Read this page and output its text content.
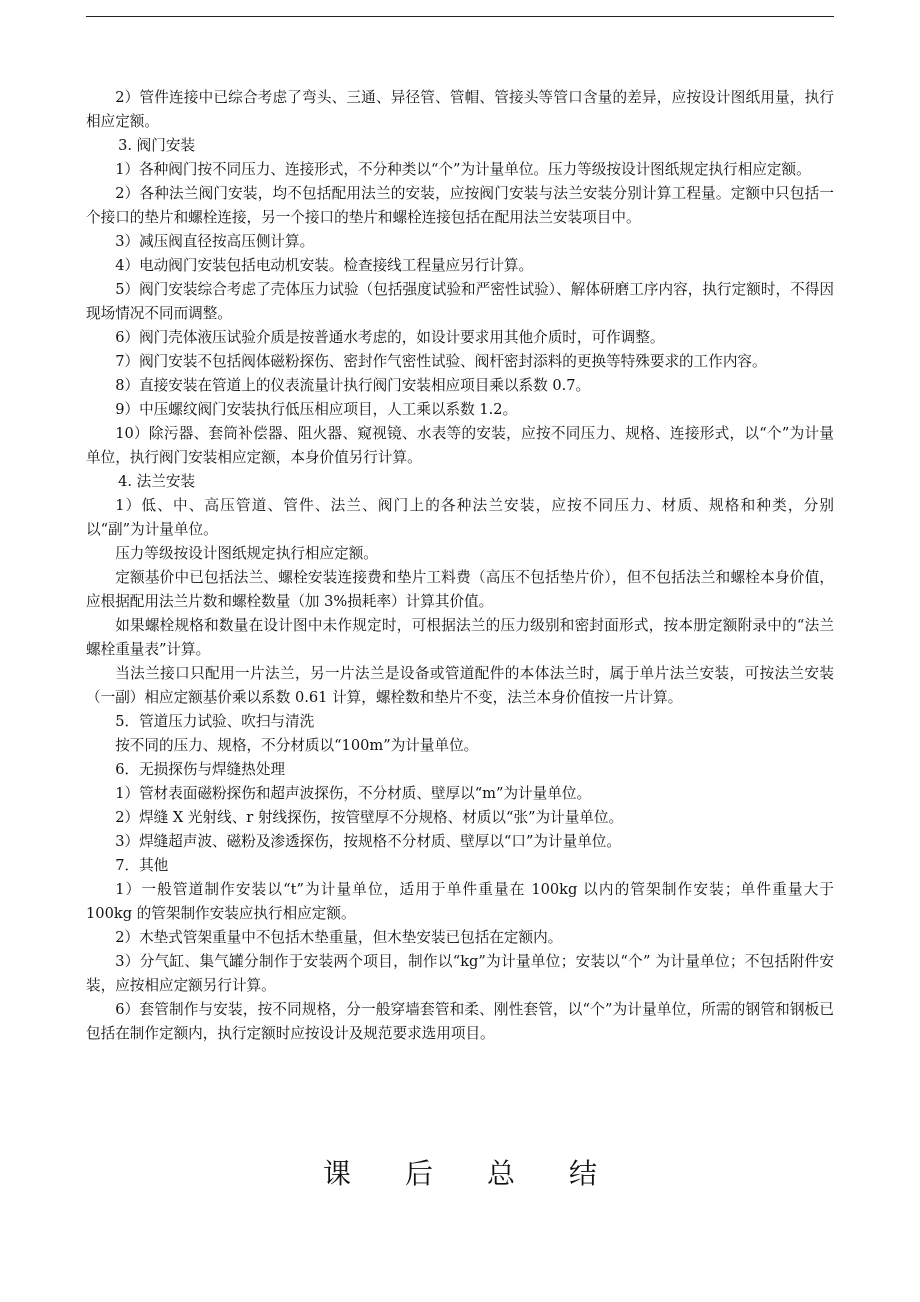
2）管件连接中已综合考虑了弯头、三通、异径管、管帽、管接头等管口含量的差异，应按设计图纸用量，执行相应定额。

3. 阀门安装

1）各种阀门按不同压力、连接形式，不分种类以“个”为计量单位。压力等级按设计图纸规定执行相应定额。

2）各种法兰阀门安装，均不包括配用法兰的安装，应按阀门安装与法兰安装分别计算工程量。定额中只包括一个接口的垫片和螺栓连接，另一个接口的垫片和螺栓连接包括在配用法兰安装项目中。

3）减压阀直径按高压侧计算。

4）电动阀门安装包括电动机安装。检查接线工程量应另行计算。

5）阀门安装综合考虑了壳体压力试验（包括强度试验和严密性试验）、解体研磨工序内容，执行定额时，不得因现场情况不同而调整。

6）阀门壳体液压试验介质是按普通水考虑的，如设计要求用其他介质时，可作调整。

7）阀门安装不包括阀体磁粉探伤、密封作气密性试验、阀杆密封添料的更换等特殊要求的工作内容。

8）直接安装在管道上的仪表流量计执行阀门安装相应项目乘以系数 0.7。

9）中压螺纹阀门安装执行低压相应项目，人工乘以系数 1.2。

10）除污器、套筒补偿器、阻火器、窥视镜、水表等的安装，应按不同压力、规格、连接形式，以“个”为计量单位，执行阀门安装相应定额，本身价值另行计算。

4. 法兰安装

1）低、中、高压管道、管件、法兰、阀门上的各种法兰安装，应按不同压力、材质、规格和种类，分别以“副”为计量单位。

压力等级按设计图纸规定执行相应定额。

定额基价中已包括法兰、螺栓安装连接费和垫片工料费（高压不包括垫片价），但不包括法兰和螺栓本身价值，应根据配用法兰片数和螺栓数量（加 3%损耗率）计算其价值。

如果螺栓规格和数量在设计图中未作规定时，可根据法兰的压力级别和密封面形式，按本册定额附录中的“法兰螺栓重量表”计算。

当法兰接口只配用一片法兰，另一片法兰是设备或管道配件的本体法兰时，属于单片法兰安装，可按法兰安装（一副）相应定额基价乘以系数 0.61 计算，螺栓数和垫片不变，法兰本身价值按一片计算。

5．管道压力试验、吹扫与清洗

按不同的压力、规格，不分材质以“100m”为计量单位。

6．无损探伤与焊缝热处理

1）管材表面磁粉探伤和超声波探伤，不分材质、壁厚以“m”为计量单位。

2）焊缝 X 光射线、r 射线探伤，按管壁厚不分规格、材质以“张”为计量单位。

3）焊缝超声波、磁粉及渗透探伤，按规格不分材质、壁厚以“口”为计量单位。

7．其他

1）一般管道制作安装以“t”为计量单位，适用于单件重量在 100kg 以内的管架制作安装；单件重量大于 100kg 的管架制作安装应执行相应定额。

2）木垫式管架重量中不包括木垫重量，但木垫安装已包括在定额内。

3）分气缸、集气罐分制作于安装两个项目，制作以“kg”为计量单位；安装以“个” 为计量单位；不包括附件安装，应按相应定额另行计算。

6）套管制作与安装，按不同规格，分一般穿墙套管和柔、刚性套管，以“个”为计量单位，所需的钢管和钢板已包括在制作定额内，执行定额时应按设计及规范要求选用项目。

课后总结
